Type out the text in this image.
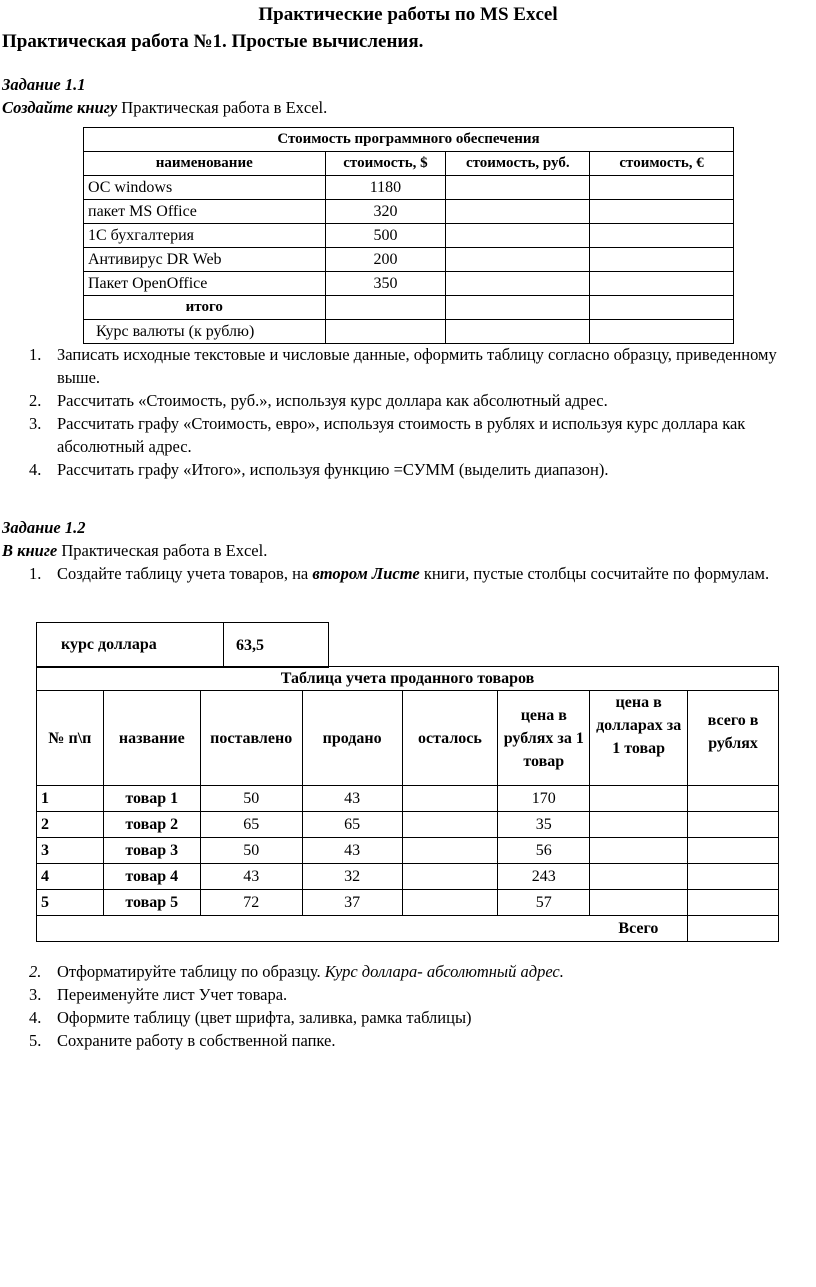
Практические работы по MS Excel
Практическая работа №1. Простые вычисления.
Задание 1.1
Создайте книгу Практическая работа в Excel.
Стоимость программного обеспечения			
наименование	стоимость, $	стоимость, руб.	стоимость, €
ОС windows	1180		
пакет MS Office	320		
1С бухгалтерия	500		
Антивирус DR Web	200		
Пакет OpenOffice	350		
итого			
Курс валюты (к рублю)			
1. Записать исходные текстовые и числовые данные, оформить таблицу согласно образцу, приведенному выше.
2. Рассчитать «Стоимость, руб.», используя курс доллара как абсолютный адрес.
3. Рассчитать графу «Стоимость, евро», используя стоимость в рублях и используя курс доллара как абсолютный адрес.
4. Рассчитать графу «Итого», используя функцию =СУММ (выделить диапазон).
Задание 1.2
В книге Практическая работа в Excel.
1. Создайте таблицу учета товаров, на втором Листе книги, пустые столбцы сосчитайте по формулам.
курс доллара	63,5
Таблица учета проданного товаров							
№ п\п	название	поставлено	продано	осталось	цена в рублях за 1 товар	цена в долларах за 1 товар	всего в рублях
1	товар 1	50	43		170		
2	товар 2	65	65		35		
3	товар 3	50	43		56		
4	товар 4	43	32		243		
5	товар 5	72	37		57		
						Всего	
2. Отформатируйте таблицу по образцу. Курс доллара- абсолютный адрес.
3. Переименуйте лист Учет товара.
4. Оформите таблицу (цвет шрифта, заливка, рамка таблицы)
5. Сохраните работу в собственной папке.
